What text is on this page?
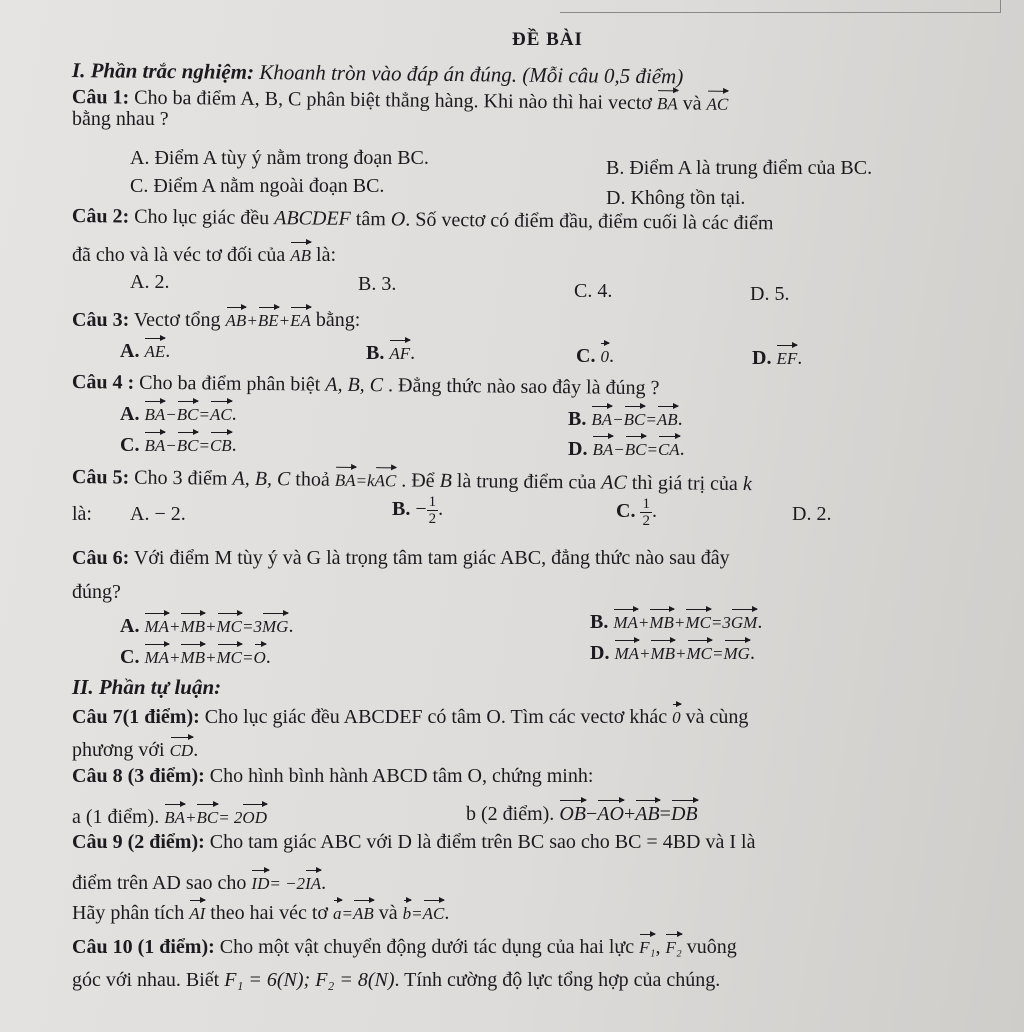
ĐỀ BÀI
I. Phần trắc nghiệm: Khoanh tròn vào đáp án đúng. (Mỗi câu 0,5 điểm)
Câu 1: Cho ba điểm A, B, C phân biệt thẳng hàng. Khi nào thì hai vectơ BA và AC
bằng nhau ?
A. Điểm A tùy ý nằm trong đoạn BC.	B. Điểm A là trung điểm của BC.
C. Điểm A nằm ngoài đoạn BC.
D. Không tồn tại.
Câu 2: Cho lục giác đều ABCDEF tâm O. Số vectơ có điểm đầu, điểm cuối là các điểm
đã cho và là véc tơ đối của AB là:
A. 2.	B. 3.	C. 4.	D. 5.
Câu 3: Vectơ tổng AB+BE+EA bằng:
A. AE.	B. AF.	C. 0.	D. EF.
Câu 4 : Cho ba điểm phân biệt A, B, C . Đẳng thức nào sao đây là đúng ?
A. BA−BC=AC.	B. BA−BC=AB.
C. BA−BC=CB.	D. BA−BC=CA.
Câu 5: Cho 3 điểm A, B, C thoả BA=kAC . Để B là trung điểm của AC thì giá trị của k
là: A. − 2.	B. − $\frac{1}{2}$ .	C. $\frac{1}{2}$ .	D. 2.
Câu 6: Với điểm M tùy ý và G là trọng tâm tam giác ABC, đẳng thức nào sau đây
đúng?
A. MA+MB+MC=3MG.	B. MA+MB+MC=3GM.
C. MA+MB+MC=O.	D. MA+MB+MC=MG.
II. Phần tự luận:
Câu 7(1 điểm): Cho lục giác đều ABCDEF có tâm O. Tìm các vectơ khác 0 và cùng
phương với CD.
Câu 8 (3 điểm): Cho hình bình hành ABCD tâm O, chứng minh:
a (1 điểm). BA+BC= 2OD	b (2 điểm). OB−AO+AB=DB
Câu 9 (2 điểm): Cho tam giác ABC với D là điểm trên BC sao cho BC = 4BD và I là
điểm trên AD sao cho ID= −2IA.
Hãy phân tích AI theo hai véc tơ a=AB và b=AC.
Câu 10 (1 điểm): Cho một vật chuyển động dưới tác dụng của hai lực F₁, F₂ vuông
góc với nhau. Biết F₁ = 6(N); F₂ = 8(N). Tính cường độ lực tổng hợp của chúng.
